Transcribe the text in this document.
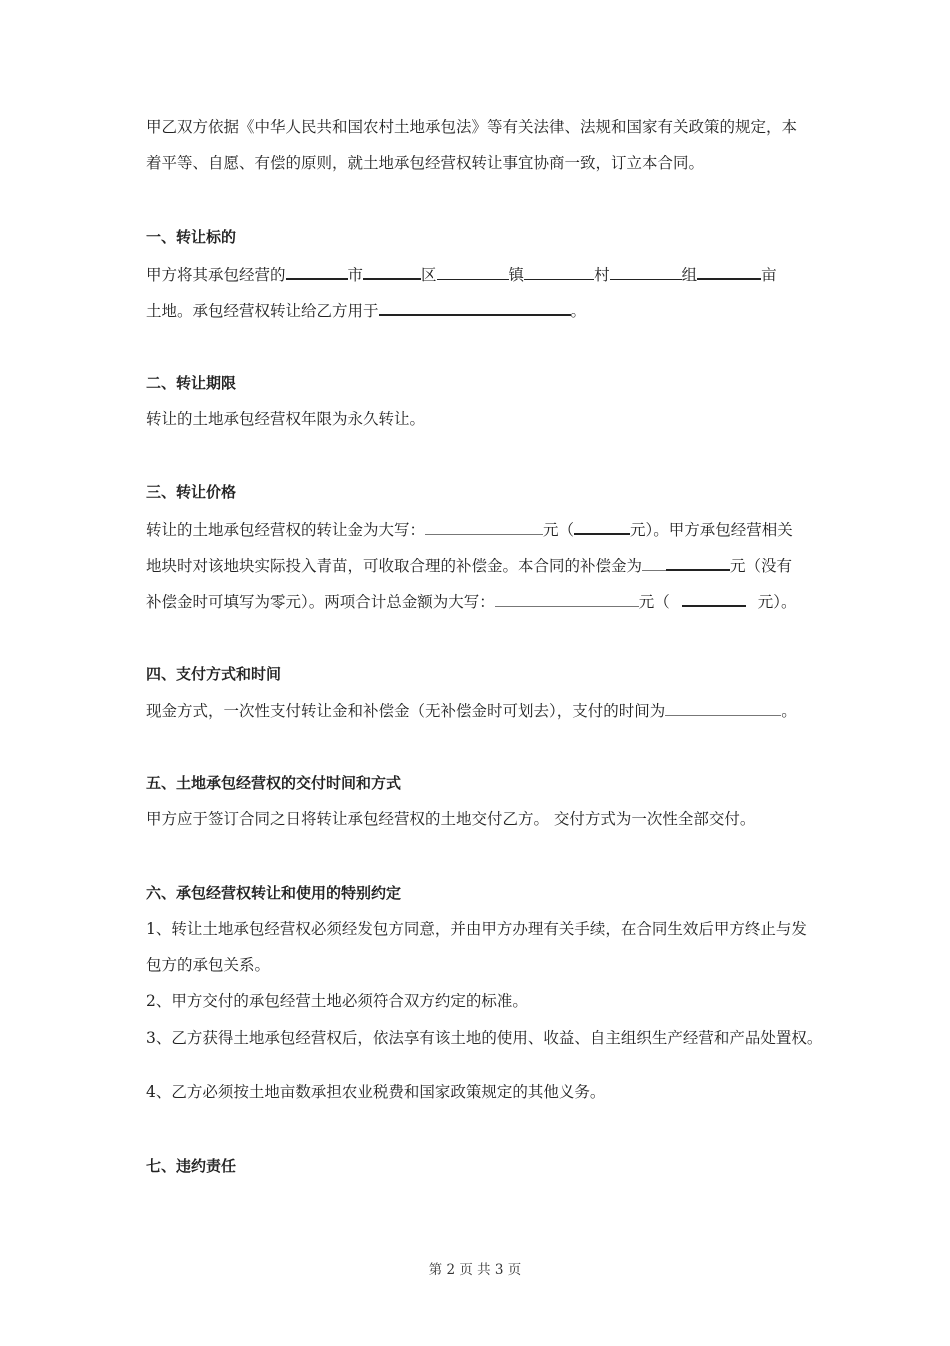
甲乙双方依据《中华人民共和国农村土地承包法》等有关法律、法规和国家有关政策的规定，本
着平等、自愿、有偿的原则，就土地承包经营权转让事宜协商一致，订立本合同。
一、转让标的
甲方将其承包经营的	市	区	镇	村	组	亩
土地。承包经营权转让给乙方用于	。
二、转让期限
转让的土地承包经营权年限为永久转让。
三、转让价格
转让的土地承包经营权的转让金为大写：	元（	元）。甲方承包经营相关
地块时对该地块实际投入青苗，可收取合理的补偿金。本合同的补偿金为	元（没有
补偿金时可填写为零元）。两项合计总金额为大写：	元（	元）。
四、支付方式和时间
现金方式，一次性支付转让金和补偿金（无补偿金时可划去），支付的时间为	。
五、土地承包经营权的交付时间和方式
甲方应于签订合同之日将转让承包经营权的土地交付乙方。 交付方式为一次性全部交付。
六、承包经营权转让和使用的特别约定
1、转让土地承包经营权必须经发包方同意，并由甲方办理有关手续，在合同生效后甲方终止与发
包方的承包关系。
2、甲方交付的承包经营土地必须符合双方约定的标准。
3、乙方获得土地承包经营权后，依法享有该土地的使用、收益、自主组织生产经营和产品处置权。
4、乙方必须按土地亩数承担农业税费和国家政策规定的其他义务。
七、违约责任
第 2 页 共 3 页
